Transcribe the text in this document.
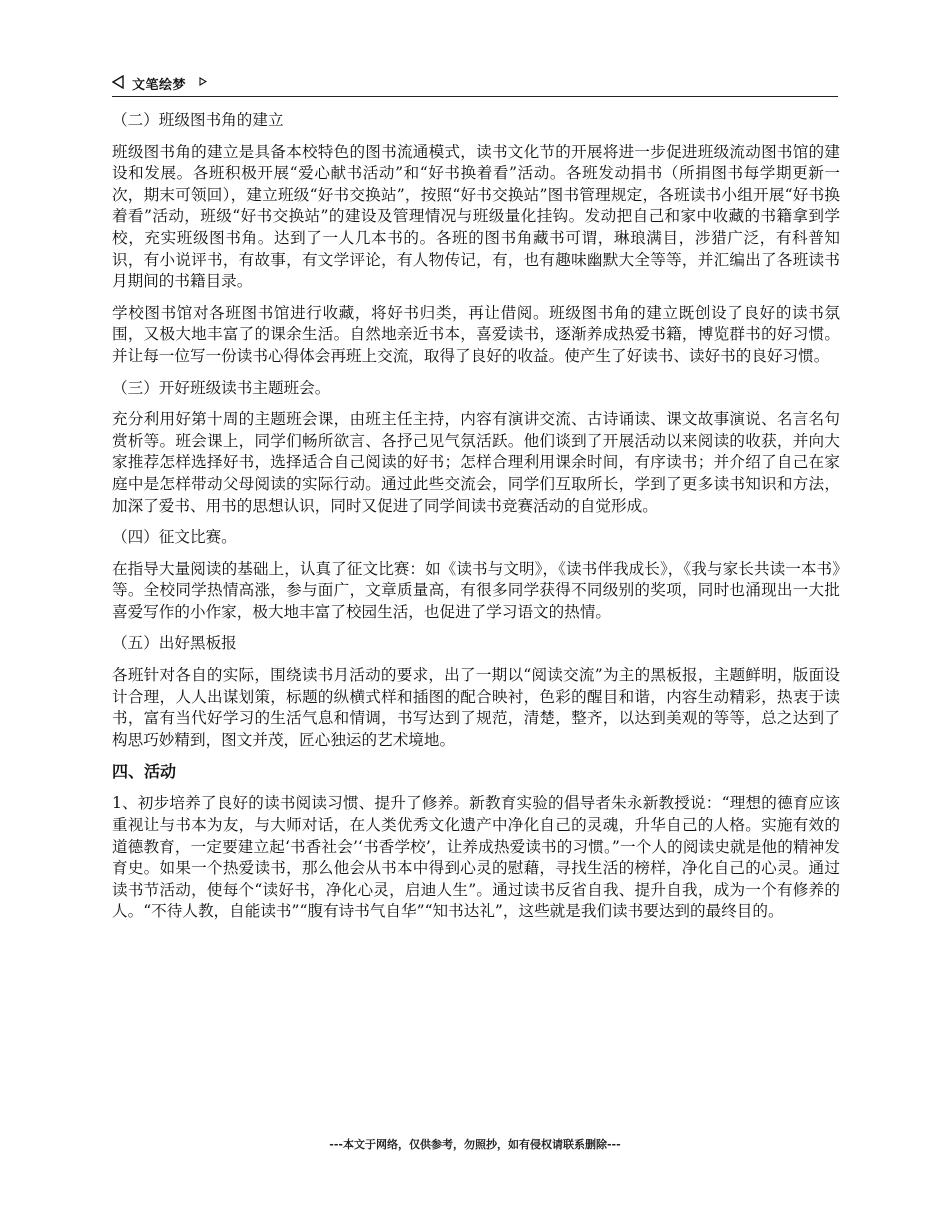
文笔绘梦

（二）班级图书角的建立

班级图书角的建立是具备本校特色的图书流通模式，读书文化节的开展将进一步促进班级流动图书馆的建设和发展。各班积极开展“爱心献书活动”和“好书换着看”活动。各班发动捐书（所捐图书每学期更新一次，期末可领回），建立班级“好书交换站”，按照“好书交换站”图书管理规定，各班读书小组开展“好书换着看”活动，班级“好书交换站”的建设及管理情况与班级量化挂钩。发动把自己和家中收藏的书籍拿到学校，充实班级图书角。达到了一人几本书的。各班的图书角藏书可谓，琳琅满目，涉猎广泛，有科普知识，有小说评书，有故事，有文学评论，有人物传记，有，也有趣味幽默大全等等，并汇编出了各班读书月期间的书籍目录。

学校图书馆对各班图书馆进行收藏，将好书归类，再让借阅。班级图书角的建立既创设了良好的读书氛围，又极大地丰富了的课余生活。自然地亲近书本，喜爱读书，逐渐养成热爱书籍，博览群书的好习惯。并让每一位写一份读书心得体会再班上交流，取得了良好的收益。使产生了好读书、读好书的良好习惯。

（三）开好班级读书主题班会。

充分利用好第十周的主题班会课，由班主任主持，内容有演讲交流、古诗诵读、课文故事演说、名言名句赏析等。班会课上，同学们畅所欲言、各抒己见气氛活跃。他们谈到了开展活动以来阅读的收获，并向大家推荐怎样选择好书，选择适合自己阅读的好书；怎样合理利用课余时间，有序读书；并介绍了自己在家庭中是怎样带动父母阅读的实际行动。通过此些交流会，同学们互取所长，学到了更多读书知识和方法，加深了爱书、用书的思想认识，同时又促进了同学间读书竞赛活动的自觉形成。

（四）征文比赛。

在指导大量阅读的基础上，认真了征文比赛：如《读书与文明》，《读书伴我成长》，《我与家长共读一本书》等。全校同学热情高涨，参与面广，文章质量高，有很多同学获得不同级别的奖项，同时也涌现出一大批喜爱写作的小作家，极大地丰富了校园生活，也促进了学习语文的热情。

（五）出好黑板报

各班针对各自的实际，围绕读书月活动的要求，出了一期以“阅读交流”为主的黑板报，主题鲜明，版面设计合理，人人出谋划策，标题的纵横式样和插图的配合映衬，色彩的醒目和谐，内容生动精彩，热衷于读书，富有当代好学习的生活气息和情调，书写达到了规范，清楚，整齐，以达到美观的等等，总之达到了构思巧妙精到，图文并茂，匠心独运的艺术境地。

四、活动

1、初步培养了良好的读书阅读习惯、提升了修养。新教育实验的倡导者朱永新教授说：“理想的德育应该重视让与书本为友，与大师对话，在人类优秀文化遗产中净化自己的灵魂，升华自己的人格。实施有效的道德教育，一定要建立起‘书香社会’‘书香学校’，让养成热爱读书的习惯。”一个人的阅读史就是他的精神发育史。如果一个热爱读书，那么他会从书本中得到心灵的慰藉，寻找生活的榜样，净化自己的心灵。通过读书节活动，使每个“读好书，净化心灵，启迪人生”。通过读书反省自我、提升自我，成为一个有修养的人。“不待人教，自能读书”“腹有诗书气自华”“知书达礼”，这些就是我们读书要达到的最终目的。

---本文于网络，仅供参考，勿照抄，如有侵权请联系删除---
